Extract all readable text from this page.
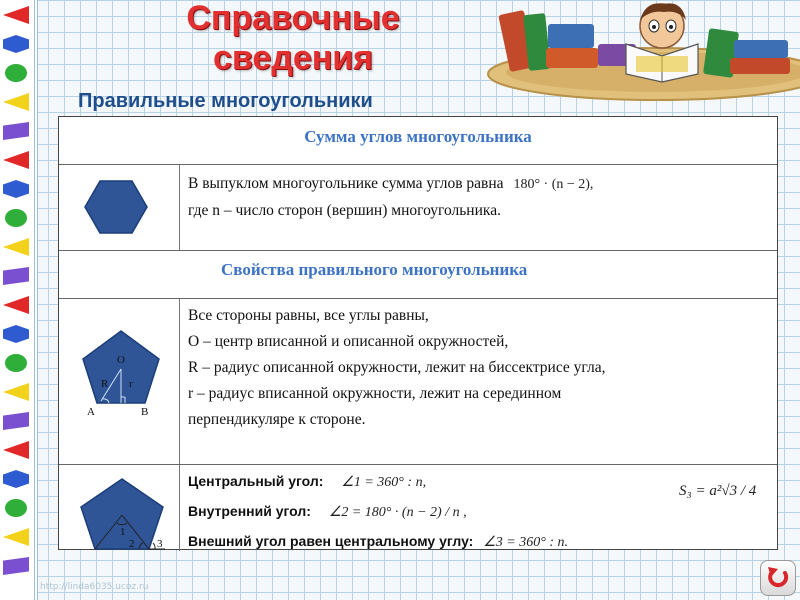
Справочные
сведения
Правильные многоугольники
Сумма углов многоугольника
В выпуклом многоугольнике сумма углов равна 180° · (n − 2),
где n – число сторон (вершин) многоугольника.
Свойства правильного многоугольника
O
R r
A	B
Все стороны равны, все углы равны,
О – центр вписанной и описанной окружностей,
R – радиус описанной окружности, лежит на биссектрисе угла,
r – радиус вписанной окружности, лежит на серединном
перпендикуляре к стороне.
1
2 3
Центральный угол: ∠1 = 360° : n,
Внутренний угол: ∠2 = 180° · (n − 2) / n ,
Внешний угол равен центральному углу: ∠3 = 360° : n.
S₃ = a²√3 / 4
http://linda6035.ucoz.ru
